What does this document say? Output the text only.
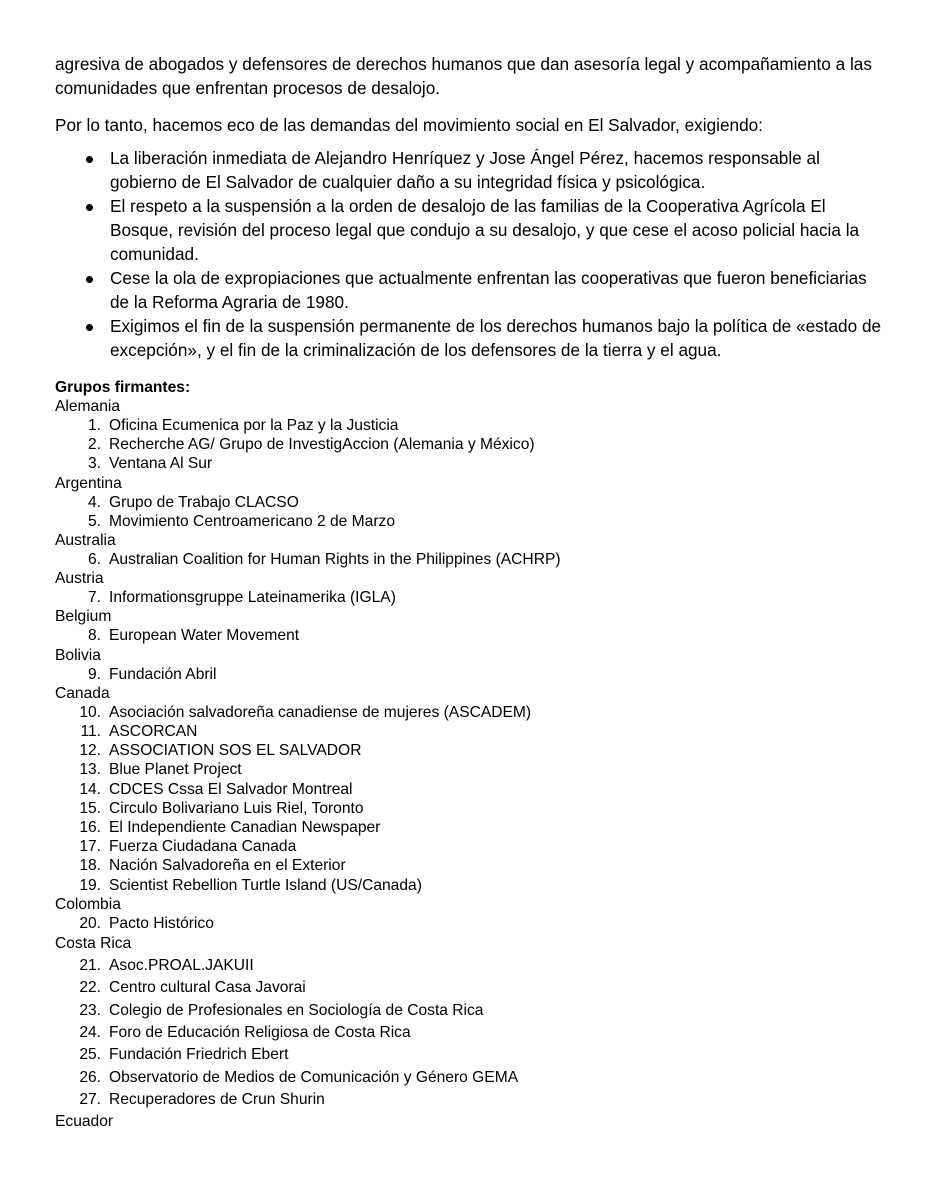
agresiva de abogados y defensores de derechos humanos que dan asesoría legal y acompañamiento a las comunidades que enfrentan procesos de desalojo.

Por lo tanto, hacemos eco de las demandas del movimiento social en El Salvador, exigiendo:

La liberación inmediata de Alejandro Henríquez y Jose Ángel Pérez, hacemos responsable al gobierno de El Salvador de cualquier daño a su integridad física y psicológica.
El respeto a la suspensión a la orden de desalojo de las familias de la Cooperativa Agrícola El Bosque, revisión del proceso legal que condujo a su desalojo, y que cese el acoso policial hacia la comunidad.
Cese la ola de expropiaciones que actualmente enfrentan las cooperativas que fueron beneficiarias de la Reforma Agraria de 1980.
Exigimos el fin de la suspensión permanente de los derechos humanos bajo la política de «estado de excepción», y el fin de la criminalización de los defensores de la tierra y el agua.

Grupos firmantes:

Alemania

1. Oficina Ecumenica por la Paz y la Justicia
2. Recherche AG/ Grupo de InvestigAccion (Alemania y México)
3. Ventana Al Sur

Argentina

4. Grupo de Trabajo CLACSO
5. Movimiento Centroamericano 2 de Marzo

Australia

6. Australian Coalition for Human Rights in the Philippines (ACHRP)

Austria

7. Informationsgruppe Lateinamerika (IGLA)

Belgium

8. European Water Movement

Bolivia

9. Fundación Abril

Canada

10. Asociación salvadoreña canadiense de mujeres (ASCADEM)
11. ASCORCAN
12. ASSOCIATION SOS EL SALVADOR
13. Blue Planet Project
14. CDCES Cssa El Salvador Montreal
15. Circulo Bolivariano Luis Riel, Toronto
16. El Independiente Canadian Newspaper
17. Fuerza Ciudadana Canada
18. Nación Salvadoreña en el Exterior
19. Scientist Rebellion Turtle Island (US/Canada)

Colombia

20. Pacto Histórico

Costa Rica

21. Asoc.PROAL.JAKUII
22. Centro cultural Casa Javorai
23. Colegio de Profesionales en Sociología de Costa Rica
24. Foro de Educación Religiosa de Costa Rica
25. Fundación Friedrich Ebert
26. Observatorio de Medios de Comunicación y Género GEMA
27. Recuperadores de Crun Shurin

Ecuador
